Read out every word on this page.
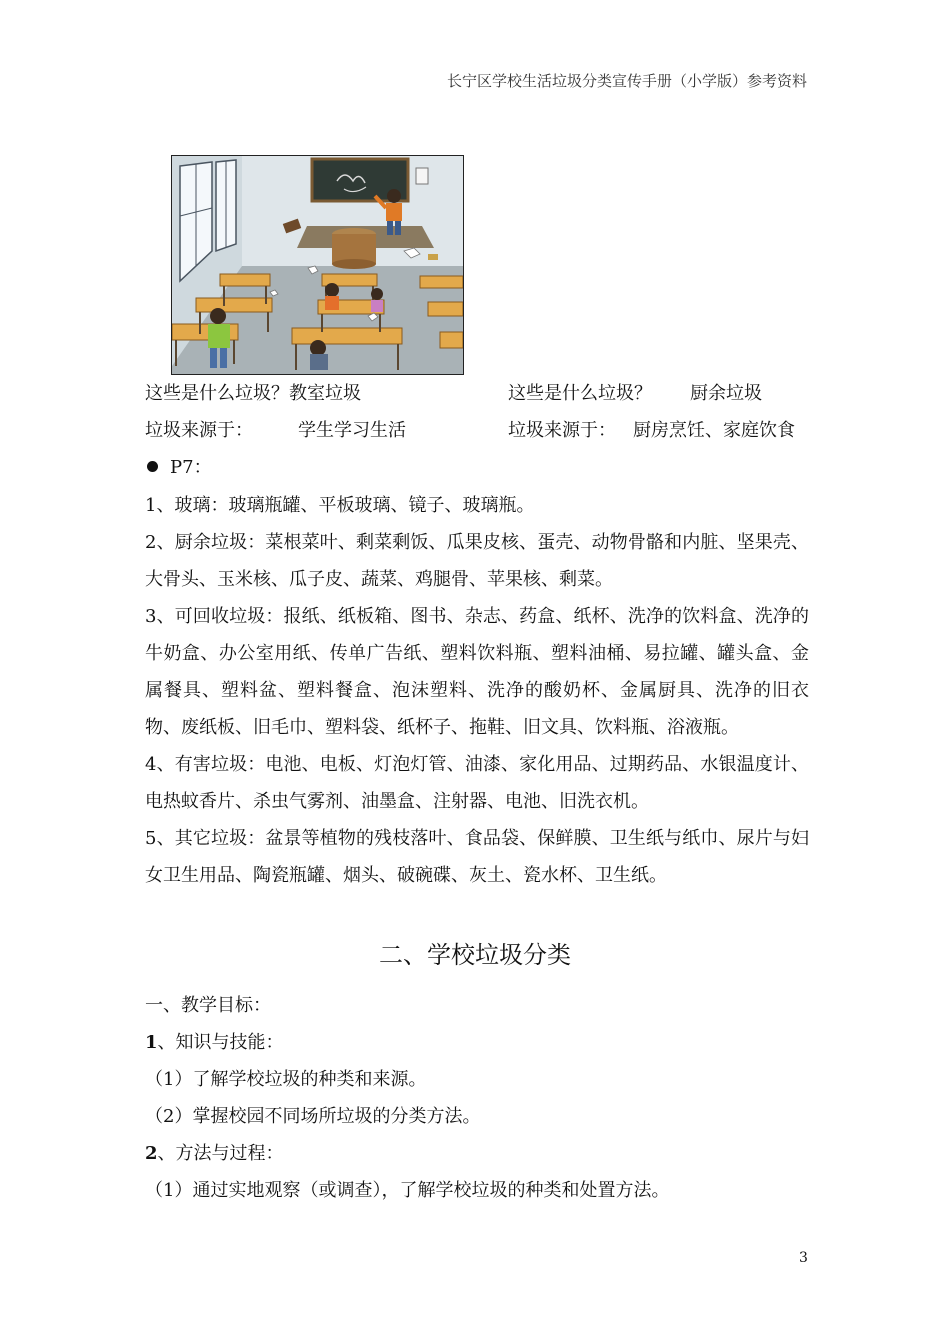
长宁区学校生活垃圾分类宣传手册（小学版）参考资料
这些是什么垃圾？教室垃圾	这些是什么垃圾？ 厨余垃圾
垃圾来源于：	学生学习生活	垃圾来源于： 厨房烹饪、家庭饮食
P7：

1、玻璃：玻璃瓶罐、平板玻璃、镜子、玻璃瓶。

2、厨余垃圾：菜根菜叶、剩菜剩饭、瓜果皮核、蛋壳、动物骨骼和内脏、坚果壳、大骨头、玉米核、瓜子皮、蔬菜、鸡腿骨、苹果核、剩菜。

3、可回收垃圾：报纸、纸板箱、图书、杂志、药盒、纸杯、洗净的饮料盒、洗净的牛奶盒、办公室用纸、传单广告纸、塑料饮料瓶、塑料油桶、易拉罐、罐头盒、金属餐具、塑料盆、塑料餐盒、泡沫塑料、洗净的酸奶杯、金属厨具、洗净的旧衣物、废纸板、旧毛巾、塑料袋、纸杯子、拖鞋、旧文具、饮料瓶、浴液瓶。

4、有害垃圾：电池、电板、灯泡灯管、油漆、家化用品、过期药品、水银温度计、电热蚊香片、杀虫气雾剂、油墨盒、注射器、电池、旧洗衣机。

5、其它垃圾：盆景等植物的残枝落叶、食品袋、保鲜膜、卫生纸与纸巾、尿片与妇女卫生用品、陶瓷瓶罐、烟头、破碗碟、灰土、瓷水杯、卫生纸。

二、学校垃圾分类

一、教学目标：

1、知识与技能：

（1）了解学校垃圾的种类和来源。

（2）掌握校园不同场所垃圾的分类方法。

2、方法与过程：

（1）通过实地观察（或调查），了解学校垃圾的种类和处置方法。

3
